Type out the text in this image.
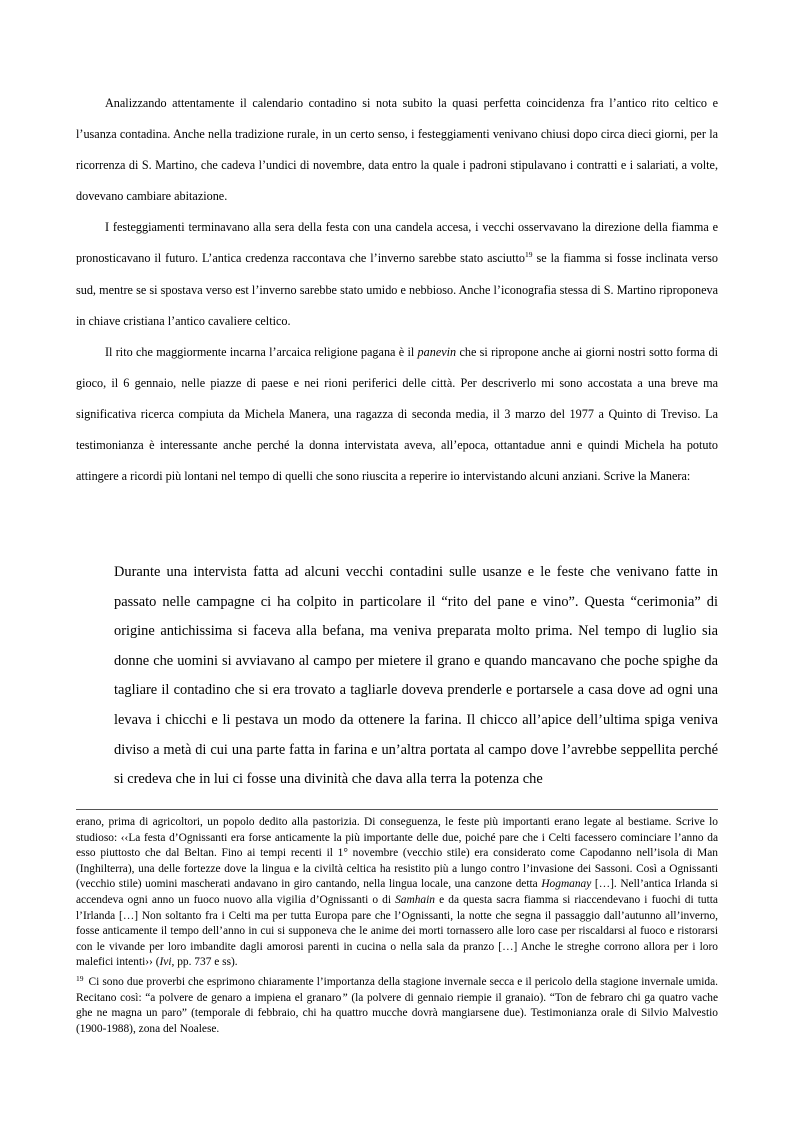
Analizzando attentamente il calendario contadino si nota subito la quasi perfetta coincidenza fra l’antico rito celtico e l’usanza contadina. Anche nella tradizione rurale, in un certo senso, i festeggiamenti venivano chiusi dopo circa dieci giorni, per la ricorrenza di S. Martino, che cadeva l’undici di novembre, data entro la quale i padroni stipulavano i contratti e i salariati, a volte, dovevano cambiare abitazione.

I festeggiamenti terminavano alla sera della festa con una candela accesa, i vecchi osservavano la direzione della fiamma e pronosticavano il futuro. L’antica credenza raccontava che l’inverno sarebbe stato asciutto$^{19}$ se la fiamma si fosse inclinata verso sud, mentre se si spostava verso est l’inverno sarebbe stato umido e nebbioso. Anche l’iconografia stessa di S. Martino riproponeva in chiave cristiana l’antico cavaliere celtico.

Il rito che maggiormente incarna l’arcaica religione pagana è il panevin che si ripropone anche ai giorni nostri sotto forma di gioco, il 6 gennaio, nelle piazze di paese e nei rioni periferici delle città. Per descriverlo mi sono accostata a una breve ma significativa ricerca compiuta da Michela Manera, una ragazza di seconda media, il 3 marzo del 1977 a Quinto di Treviso. La testimonianza è interessante anche perché la donna intervistata aveva, all’epoca, ottantadue anni e quindi Michela ha potuto attingere a ricordi più lontani nel tempo di quelli che sono riuscita a reperire io intervistando alcuni anziani. Scrive la Manera:

Durante una intervista fatta ad alcuni vecchi contadini sulle usanze e le feste che venivano fatte in passato nelle campagne ci ha colpito in particolare il “rito del pane e vino”. Questa “cerimonia” di origine antichissima si faceva alla befana, ma veniva preparata molto prima. Nel tempo di luglio sia donne che uomini si avviavano al campo per mietere il grano e quando mancavano che poche spighe da tagliare il contadino che si era trovato a tagliarle doveva prenderle e portarsele a casa dove ad ogni una levava i chicchi e li pestava un modo da ottenere la farina. Il chicco all’apice dell’ultima spiga veniva diviso a metà di cui una parte fatta in farina e un’altra portata al campo dove l’avrebbe seppellita perché si credeva che in lui ci fosse una divinità che dava alla terra la potenza che

erano, prima di agricoltori, un popolo dedito alla pastorizia. Di conseguenza, le feste più importanti erano legate al bestiame. Scrive lo studioso: ‹‹La festa d’Ognissanti era forse anticamente la più importante delle due, poiché pare che i Celti facessero cominciare l’anno da esso piuttosto che dal Beltan. Fino ai tempi recenti il 1° novembre (vecchio stile) era considerato come Capodanno nell’isola di Man (Inghilterra), una delle fortezze dove la lingua e la civiltà celtica ha resistito più a lungo contro l’invasione dei Sassoni. Così a Ognissanti (vecchio stile) uomini mascherati andavano in giro cantando, nella lingua locale, una canzone detta Hogmanay […]. Nell’antica Irlanda si accendeva ogni anno un fuoco nuovo alla vigilia d’Ognissanti o di Samhain e da questa sacra fiamma si riaccendevano i fuochi di tutta l’Irlanda […] Non soltanto fra i Celti ma per tutta Europa pare che l’Ognissanti, la notte che segna il passaggio dall’autunno all’inverno, fosse anticamente il tempo dell’anno in cui si supponeva che le anime dei morti tornassero alle loro case per riscaldarsi al fuoco e ristorarsi con le vivande per loro imbandite dagli amorosi parenti in cucina o nella sala da pranzo […] Anche le streghe corrono allora per i loro malefici intenti›› (Ivi, pp. 737 e ss).

$^{19}$ Ci sono due proverbi che esprimono chiaramente l’importanza della stagione invernale secca e il pericolo della stagione invernale umida. Recitano così: “a polvere de genaro a impiena el granaro” (la polvere di gennaio riempie il granaio). “Ton de febraro chi ga quatro vache ghe ne magna un paro” (temporale di febbraio, chi ha quattro mucche dovrà mangiarsene due). Testimonianza orale di Silvio Malvestio (1900-1988), zona del Noalese.
